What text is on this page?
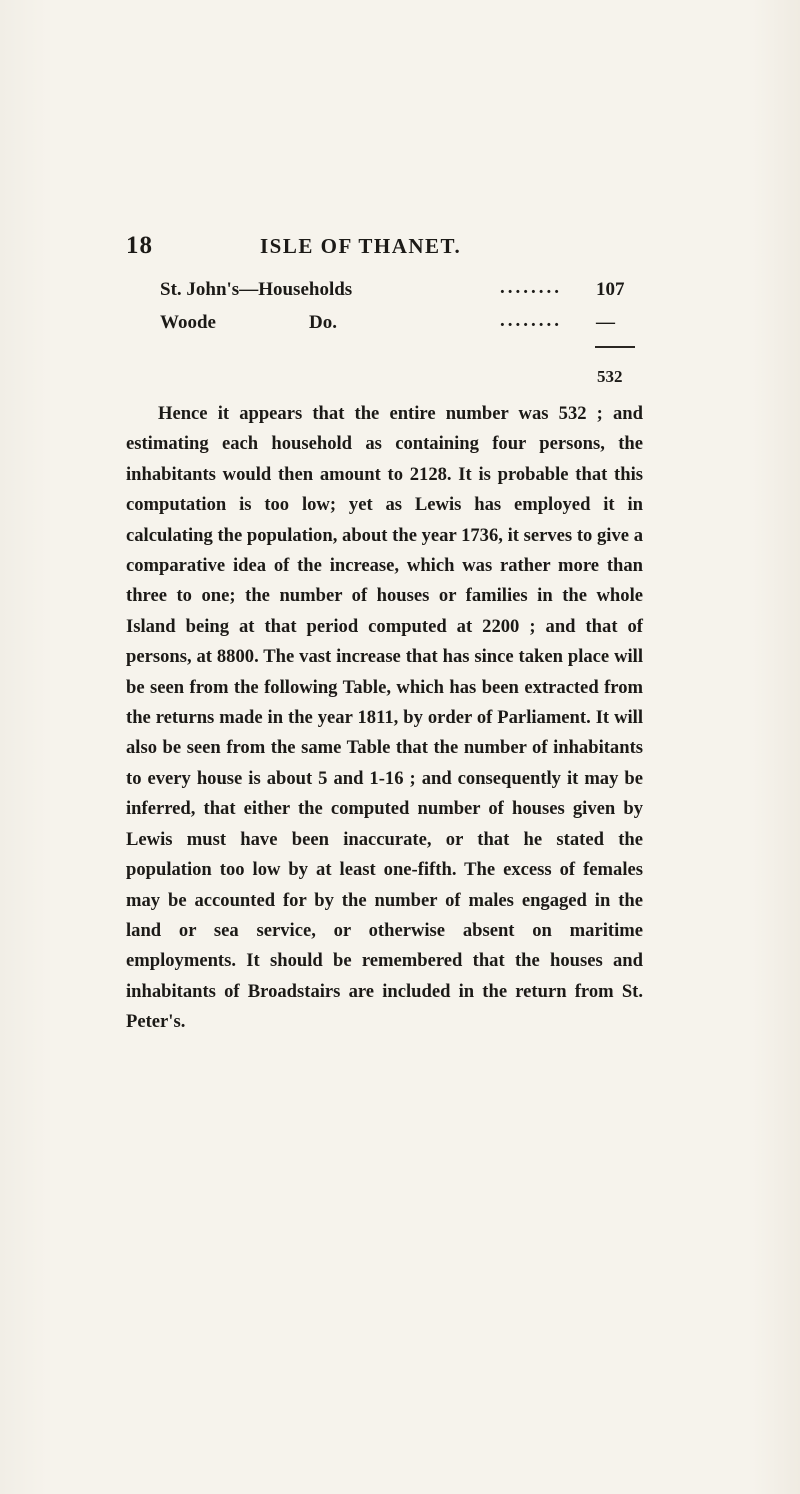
18	ISLE OF THANET.
St. John's—Households	........ 107
Woode	Do.	........ —
532

Hence it appears that the entire number was 532 ; and estimating each household as containing four persons, the inhabitants would then amount to 2128. It is probable that this computation is too low; yet as Lewis has employed it in calculating the population, about the year 1736, it serves to give a comparative idea of the increase, which was rather more than three to one; the number of houses or families in the whole Island being at that period computed at 2200 ; and that of persons, at 8800. The vast increase that has since taken place will be seen from the following Table, which has been extracted from the returns made in the year 1811, by order of Parliament. It will also be seen from the same Table that the number of inhabitants to every house is about 5 and 1-16 ; and consequently it may be inferred, that either the computed number of houses given by Lewis must have been inaccurate, or that he stated the population too low by at least one-fifth. The excess of females may be accounted for by the number of males engaged in the land or sea service, or otherwise absent on maritime employments. It should be remembered that the houses and inhabitants of Broadstairs are included in the return from St. Peter's.
